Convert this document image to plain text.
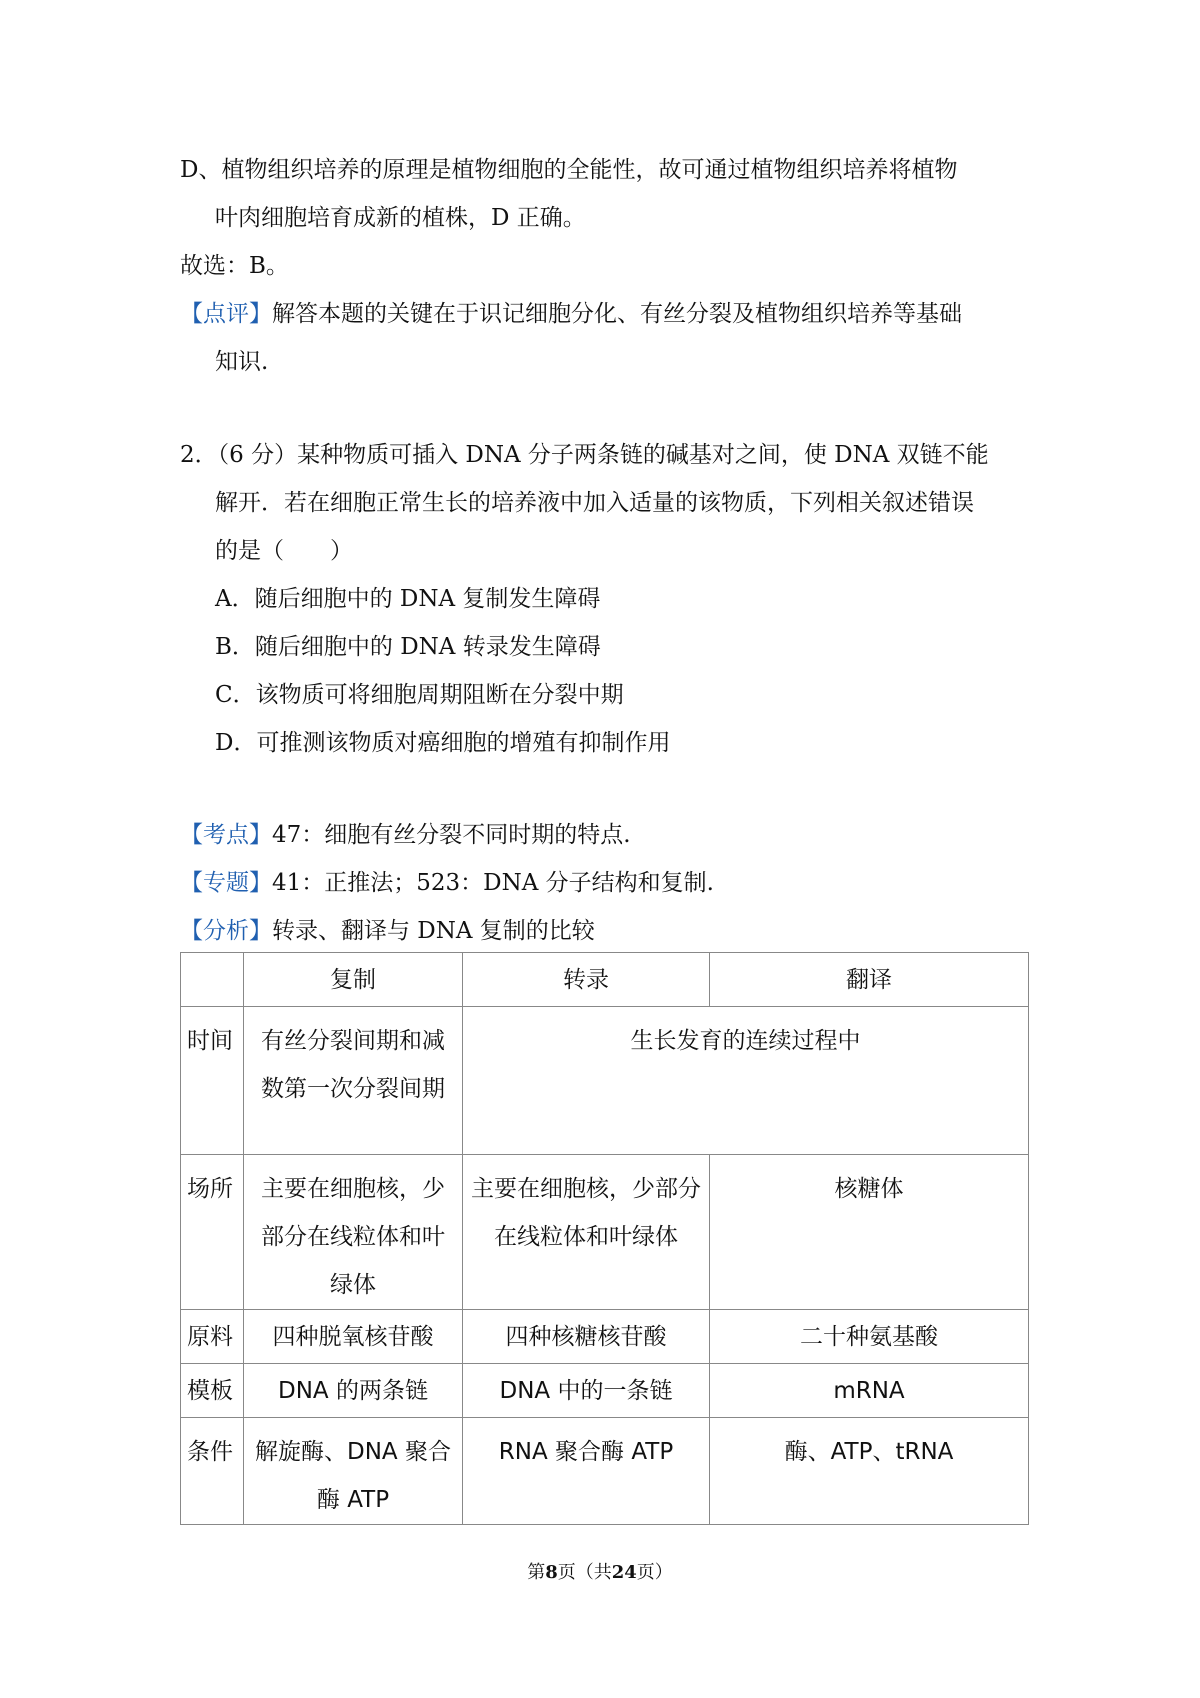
D、植物组织培养的原理是植物细胞的全能性，故可通过植物组织培养将植物
叶肉细胞培育成新的植株，D 正确。
故选：B。
【点评】解答本题的关键在于识记细胞分化、有丝分裂及植物组织培养等基础
知识.
2．（6 分）某种物质可插入 DNA 分子两条链的碱基对之间，使 DNA 双链不能
解开．若在细胞正常生长的培养液中加入适量的该物质，下列相关叙述错误
的是（　　）
A．随后细胞中的 DNA 复制发生障碍
B．随后细胞中的 DNA 转录发生障碍
C．该物质可将细胞周期阻断在分裂中期
D．可推测该物质对癌细胞的增殖有抑制作用
【考点】47：细胞有丝分裂不同时期的特点.
【专题】41：正推法；523：DNA 分子结构和复制.
【分析】转录、翻译与 DNA 复制的比较
	复制	转录	翻译
时间	有丝分裂间期和减数第一次分裂间期	生长发育的连续过程中	
场所	主要在细胞核，少部分在线粒体和叶绿体	主要在细胞核，少部分在线粒体和叶绿体	核糖体
原料	四种脱氧核苷酸	四种核糖核苷酸	二十种氨基酸
模板	DNA 的两条链	DNA 中的一条链	mRNA
条件	解旋酶、DNA 聚合酶 ATP	RNA 聚合酶 ATP	酶、ATP、tRNA
第8页（共24页）
